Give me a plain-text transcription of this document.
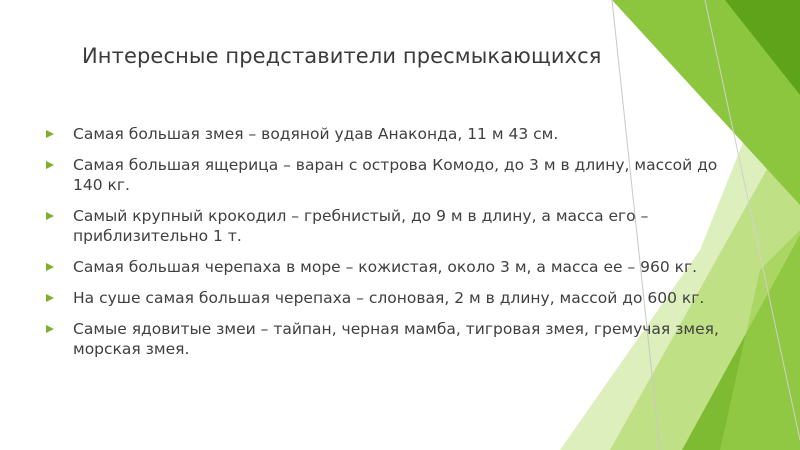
Интересные представители пресмыкающихся
Самая большая змея – водяной удав Анаконда, 11 м 43 см.
Самая большая ящерица – варан с острова Комодо, до 3 м в длину, массой до 140 кг.
Самый крупный крокодил – гребнистый, до 9 м в длину, а масса его – приблизительно 1 т.
Самая большая черепаха в море – кожистая, около 3 м, а масса ее – 960 кг.
На суше самая большая черепаха – слоновая, 2 м в длину, массой до 600 кг.
Самые ядовитые змеи – тайпан, черная мамба, тигровая змея, гремучая змея, морская змея.
